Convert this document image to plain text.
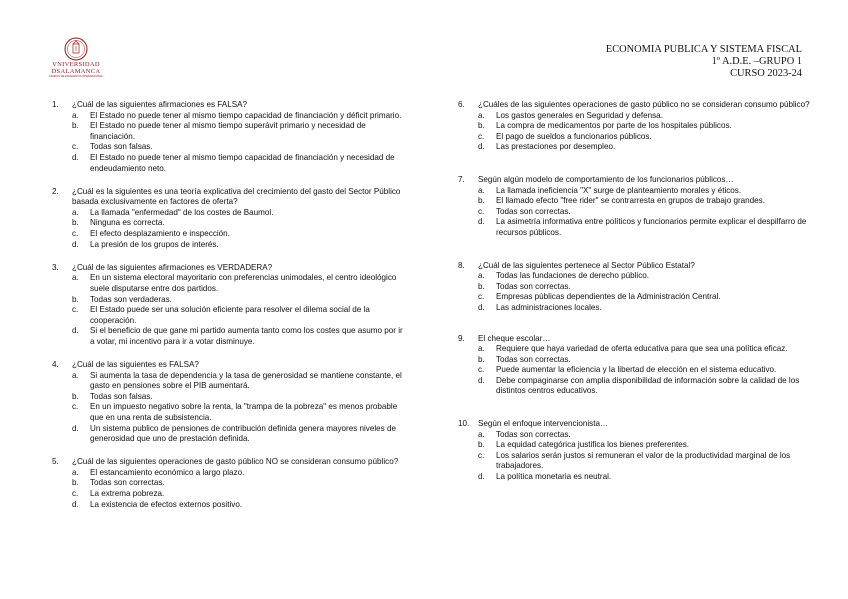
VNIVERSIDAD
DSALAMANCA
CAMPUS DE EXCELENCIA INTERNACIONAL
ECONOMIA PUBLICA Y SISTEMA FISCAL
1º A.D.E. –GRUPO 1
CURSO 2023-24
1. ¿Cuál de las siguientes afirmaciones es FALSA?
a. El Estado no puede tener al mismo tiempo capacidad de financiación y déficit primario.
b. El Estado no puede tener al mismo tiempo superávit primario y necesidad de financiación.
c. Todas son falsas.
d. El Estado no puede tener al mismo tiempo capacidad de financiación y necesidad de endeudamiento neto.
2. ¿Cuál es la siguientes es una teoría explicativa del crecimiento del gasto del Sector Público basada exclusivamente en factores de oferta?
a. La llamada "enfermedad" de los costes de Baumol.
b. Ninguna es correcta.
c. El efecto desplazamiento e inspección.
d. La presión de los grupos de interés.
3. ¿Cuál de las siguientes afirmaciones es VERDADERA?
a. En un sistema electoral mayoritario con preferencias unimodales, el centro ideológico suele disputarse entre dos partidos.
b. Todas son verdaderas.
c. El Estado puede ser una solución eficiente para resolver el dilema social de la cooperación.
d. Si el beneficio de que gane mi partido aumenta tanto como los costes que asumo por ir a votar, mi incentivo para ir a votar disminuye.
4. ¿Cuál de las siguientes es FALSA?
a. Si aumenta la tasa de dependencia y la tasa de generosidad se mantiene constante, el gasto en pensiones sobre el PIB aumentará.
b. Todas son falsas.
c. En un impuesto negativo sobre la renta, la "trampa de la pobreza" es menos probable que en una renta de subsistencia.
d. Un sistema publico de pensiones de contribución definida genera mayores niveles de generosidad que uno de prestación definida.
5. ¿Cuál de las siguientes operaciones de gasto público NO se consideran consumo público?
a. El estancamiento económico a largo plazo.
b. Todas son correctas.
c. La extrema pobreza.
d. La existencia de efectos externos positivo.
6. ¿Cuáles de las siguientes operaciones de gasto público no se consideran consumo público?
a. Los gastos generales en Seguridad y defensa.
b. La compra de medicamentos por parte de los hospitales públicos.
c. El pago de sueldos a funcionarios públicos.
d. Las prestaciones por desempleo.
7. Según algún modelo de comportamiento de los funcionarios públicos…
a. La llamada ineficiencia "X" surge de planteamiento morales y éticos.
b. El llamado efecto "free rider" se contrarresta en grupos de trabajo grandes.
c. Todas son correctas.
d. La asimetría informativa entre políticos y funcionarios permite explicar el despilfarro de recursos públicos.
8. ¿Cuál de las siguientes pertenece al Sector Público Estatal?
a. Todas las fundaciones de derecho público.
b. Todas son correctas.
c. Empresas públicas dependientes de la Administración Central.
d. Las administraciones locales.
9. El cheque escolar…
a. Requiere que haya variedad de oferta educativa para que sea una política eficaz.
b. Todas son correctas.
c. Puede aumentar la eficiencia y la libertad de elección en el sistema educativo.
d. Debe compaginarse con amplia disponibilidad de información sobre la calidad de los distintos centros educativos.
10. Según el enfoque intervencionista…
a. Todas son correctas.
b. La equidad categórica justifica los bienes preferentes.
c. Los salarios serán justos si remuneran el valor de la productividad marginal de los trabajadores.
d. La política monetaria es neutral.
